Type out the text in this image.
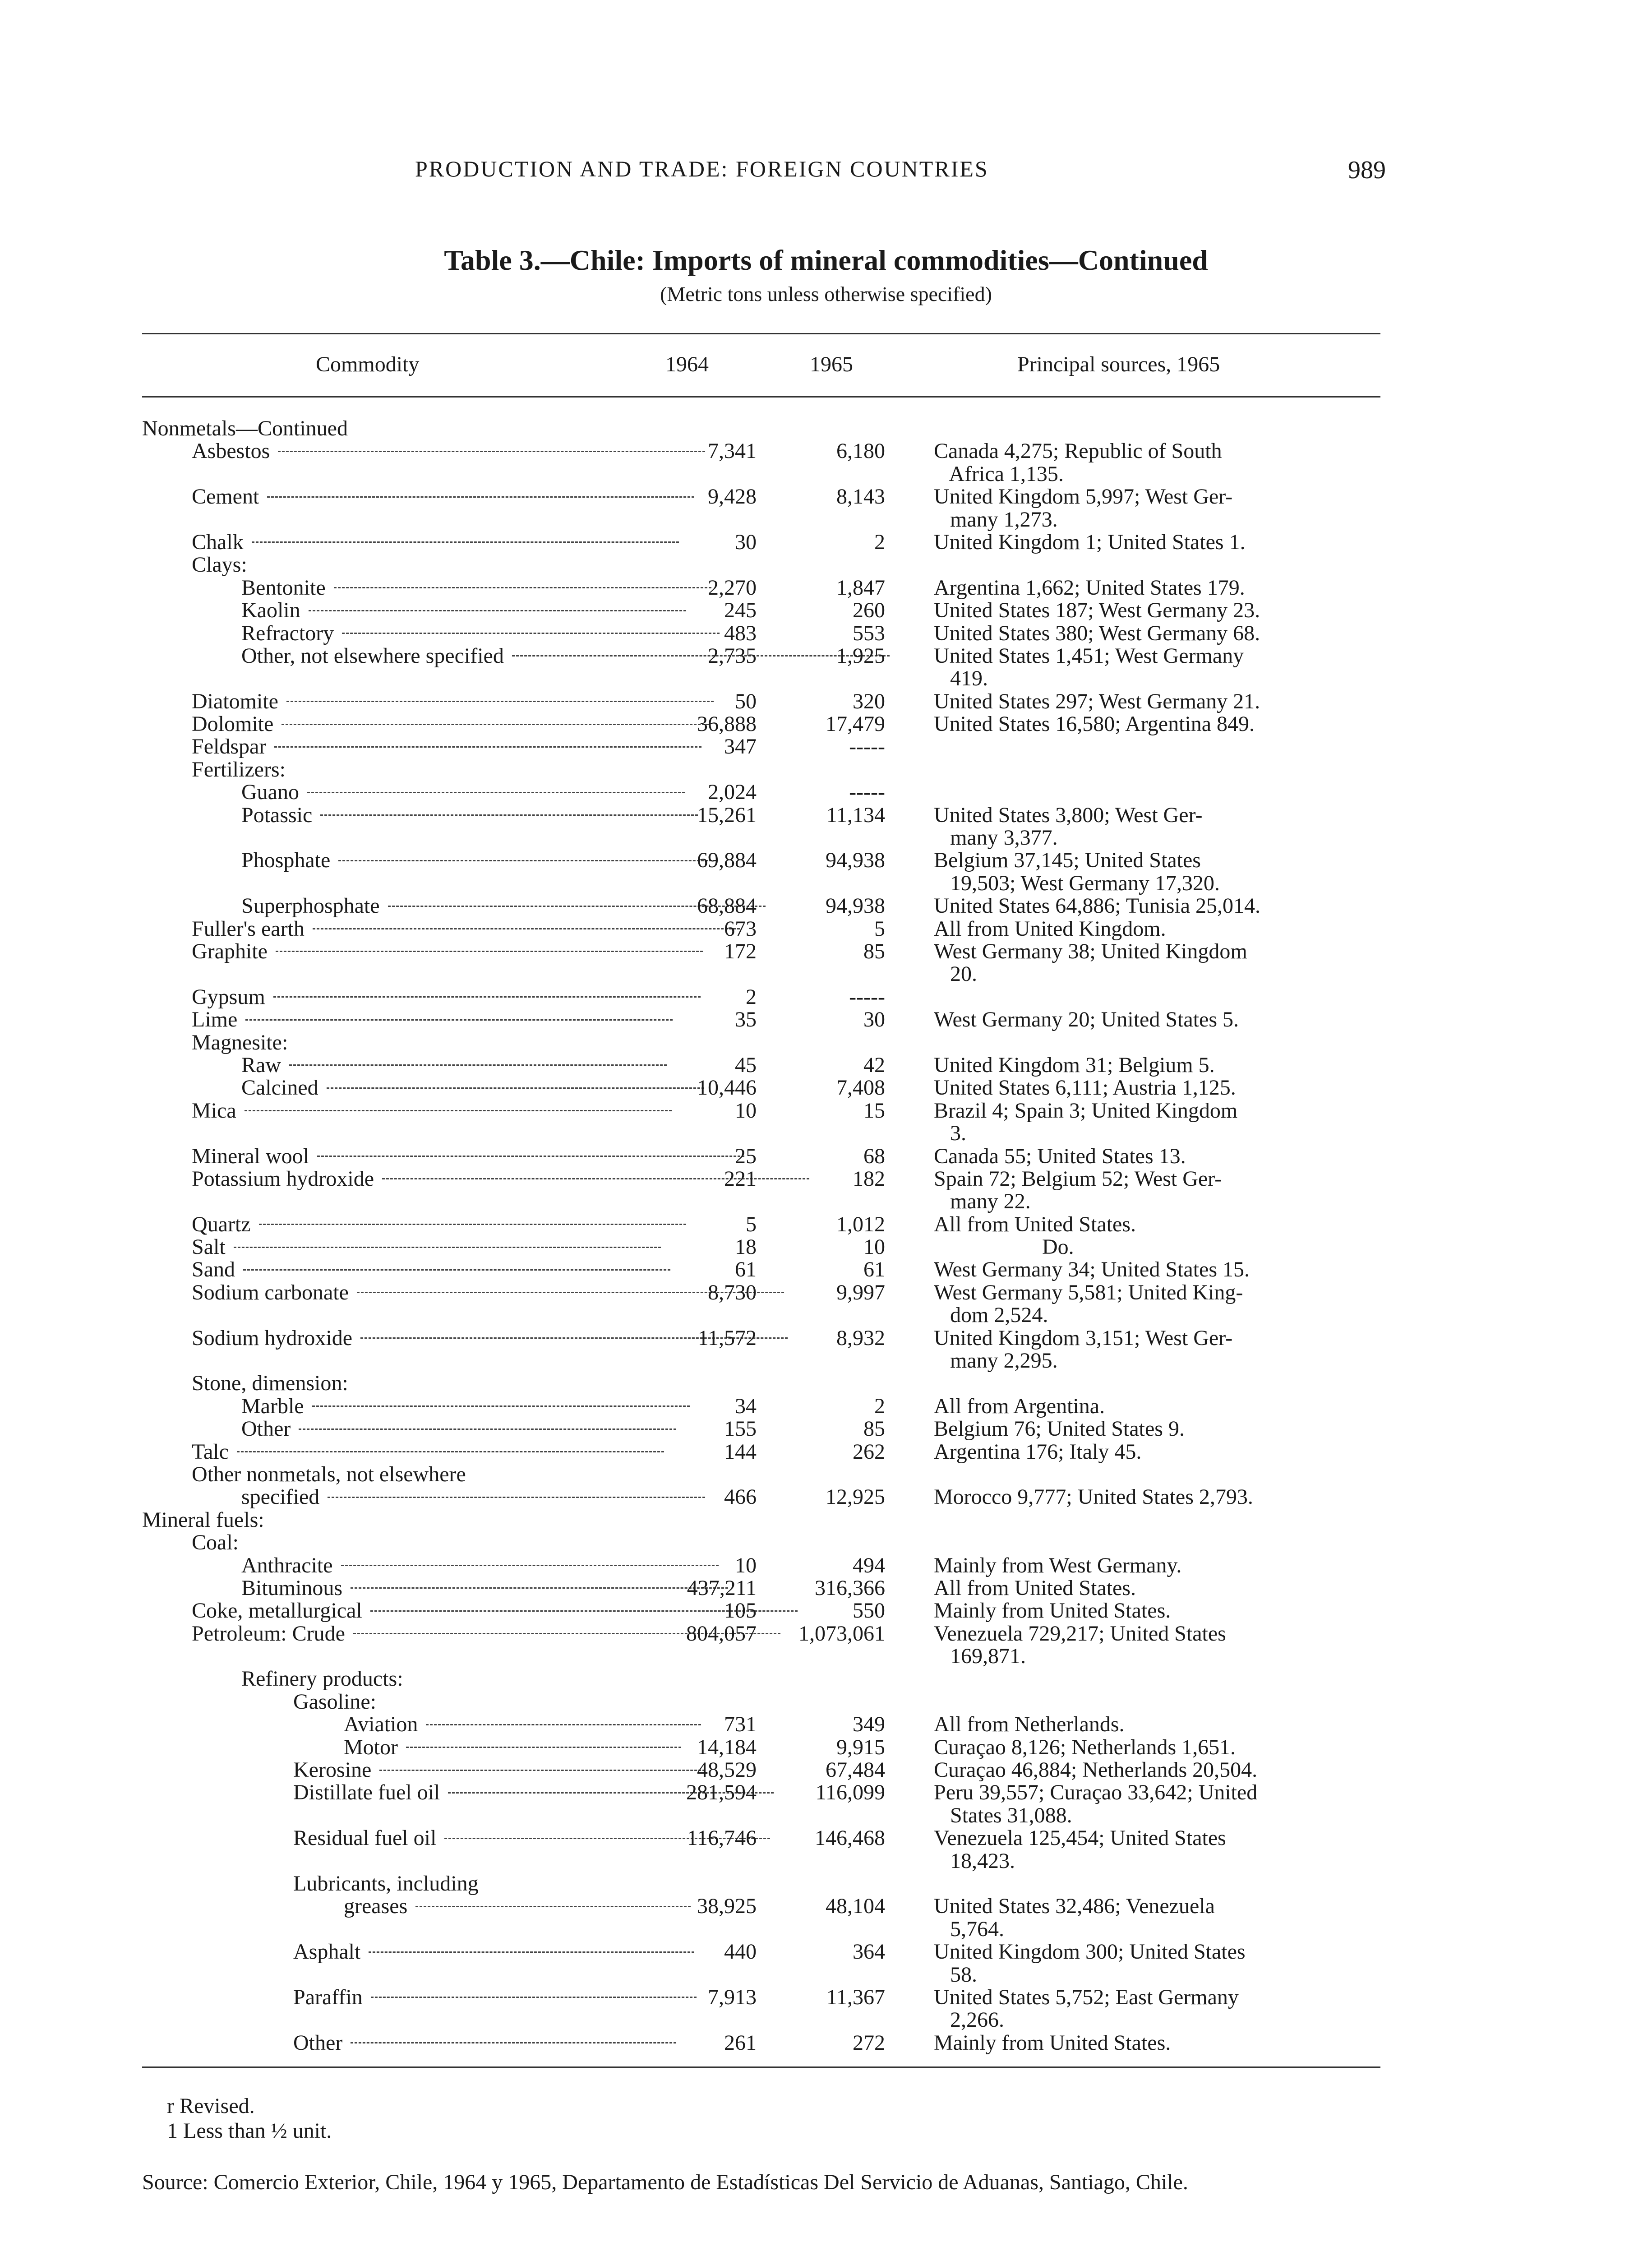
PRODUCTION AND TRADE: FOREIGN COUNTRIES	989
Table 3.—Chile: Imports of mineral commodities—Continued
(Metric tons unless otherwise specified)
Commodity	1964	1965	Principal sources, 1965
Nonmetals—Continued
Asbestos	7,341	6,180 Canada 4,275; Republic of South
Africa 1,135.
Cement	9,428	8,143 United Kingdom 5,997; West Ger-
many 1,273.
Chalk	30	2 United Kingdom 1; United States 1.
Clays:
Bentonite	2,270	1,847 Argentina 1,662; United States 179.
Kaolin	245	260 United States 187; West Germany 23.
Refractory	483	553 United States 380; West Germany 68.
Other, not elsewhere specified	2,735	1,925 United States 1,451; West Germany
419.
Diatomite	50	320 United States 297; West Germany 21.
Dolomite	36,888	17,479 United States 16,580; Argentina 849.
Feldspar	347	-----
Fertilizers:
Guano	2,024	-----
Potassic	15,261	11,134 United States 3,800; West Ger-
many 3,377.
Phosphate	69,884	94,938 Belgium 37,145; United States
19,503; West Germany 17,320.
Superphosphate	68,884	94,938 United States 64,886; Tunisia 25,014.
Fuller's earth	673	5 All from United Kingdom.
Graphite	172	85 West Germany 38; United Kingdom
20.
Gypsum	2	-----
Lime	35	30 West Germany 20; United States 5.
Magnesite:
Raw	45	42 United Kingdom 31; Belgium 5.
Calcined	10,446	7,408 United States 6,111; Austria 1,125.
Mica	10	15 Brazil 4; Spain 3; United Kingdom
3.
Mineral wool	25	68 Canada 55; United States 13.
Potassium hydroxide	221	182 Spain 72; Belgium 52; West Ger-
many 22.
Quartz	5	1,012 All from United States.
Salt	18	10 Do.
Sand	61	61 West Germany 34; United States 15.
Sodium carbonate	8,730	9,997 West Germany 5,581; United King-
dom 2,524.
Sodium hydroxide	11,572	8,932 United Kingdom 3,151; West Ger-
many 2,295.
Stone, dimension:
Marble	34	2 All from Argentina.
Other	155	85 Belgium 76; United States 9.
Talc	144	262 Argentina 176; Italy 45.
Other nonmetals, not elsewhere
specified	466	12,925 Morocco 9,777; United States 2,793.
Mineral fuels:
Coal:
Anthracite	10	494 Mainly from West Germany.
Bituminous	437,211	316,366 All from United States.
Coke, metallurgical	105	550 Mainly from United States.
Petroleum: Crude	804,057 1,073,061 Venezuela 729,217; United States
169,871.
Refinery products:
Gasoline:
Aviation	731	349 All from Netherlands.
Motor	14,184	9,915 Curaçao 8,126; Netherlands 1,651.
Kerosine	48,529	67,484 Curaçao 46,884; Netherlands 20,504.
Distillate fuel oil	281,594	116,099 Peru 39,557; Curaçao 33,642; United
States 31,088.
Residual fuel oil	116,746	146,468 Venezuela 125,454; United States
18,423.
Lubricants, including
greases	38,925	48,104 United States 32,486; Venezuela
5,764.
Asphalt	440	364 United Kingdom 300; United States
58.
Paraffin	7,913	11,367 United States 5,752; East Germany
2,266.
Other	261	272 Mainly from United States.
r Revised.
1 Less than ½ unit.
Source: Comercio Exterior, Chile, 1964 y 1965, Departamento de Estadísticas Del Servicio de Aduanas, Santiago, Chile.
